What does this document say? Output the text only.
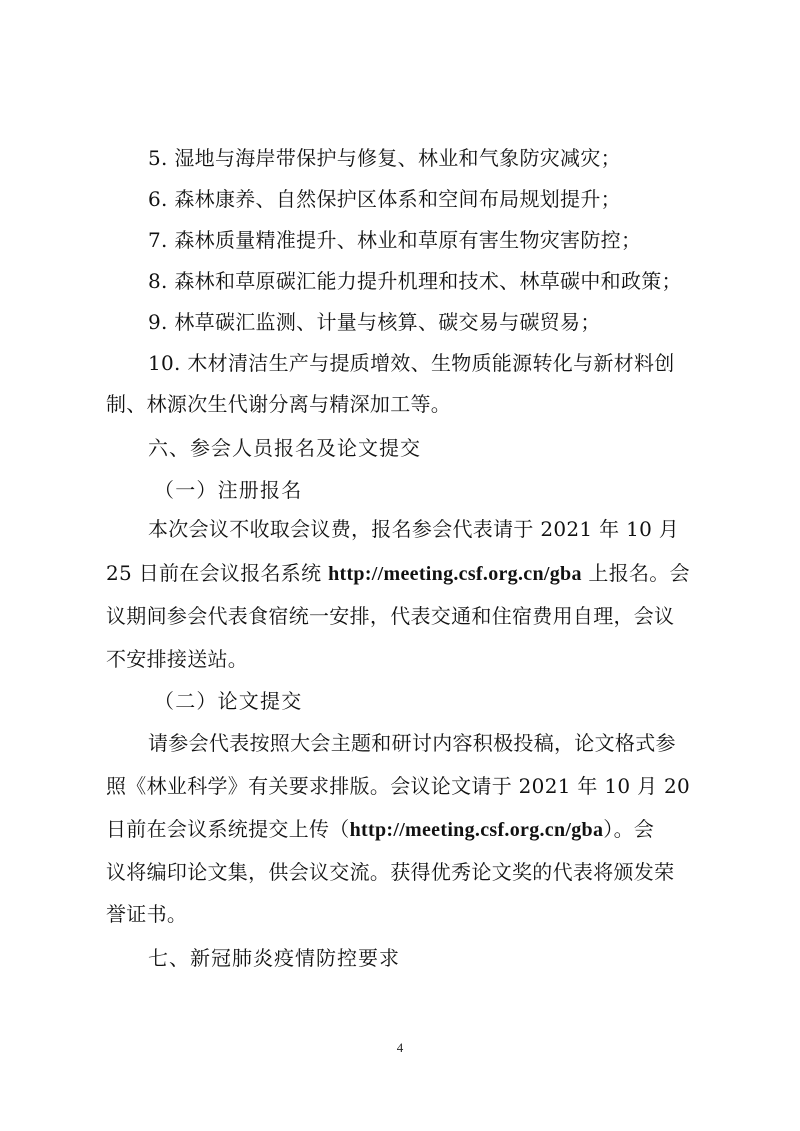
5. 湿地与海岸带保护与修复、林业和气象防灾减灾；
6. 森林康养、自然保护区体系和空间布局规划提升；
7. 森林质量精准提升、林业和草原有害生物灾害防控；
8. 森林和草原碳汇能力提升机理和技术、林草碳中和政策；
9. 林草碳汇监测、计量与核算、碳交易与碳贸易；
10. 木材清洁生产与提质增效、生物质能源转化与新材料创
制、林源次生代谢分离与精深加工等。
六、参会人员报名及论文提交
（一）注册报名
本次会议不收取会议费，报名参会代表请于 2021 年 10 月
25 日前在会议报名系统 http://meeting.csf.org.cn/gba 上报名。会
议期间参会代表食宿统一安排，代表交通和住宿费用自理，会议
不安排接送站。
（二）论文提交
请参会代表按照大会主题和研讨内容积极投稿，论文格式参
照《林业科学》有关要求排版。会议论文请于 2021 年 10 月 20
日前在会议系统提交上传（http://meeting.csf.org.cn/gba）。会
议将编印论文集，供会议交流。获得优秀论文奖的代表将颁发荣
誉证书。
七、新冠肺炎疫情防控要求
4
